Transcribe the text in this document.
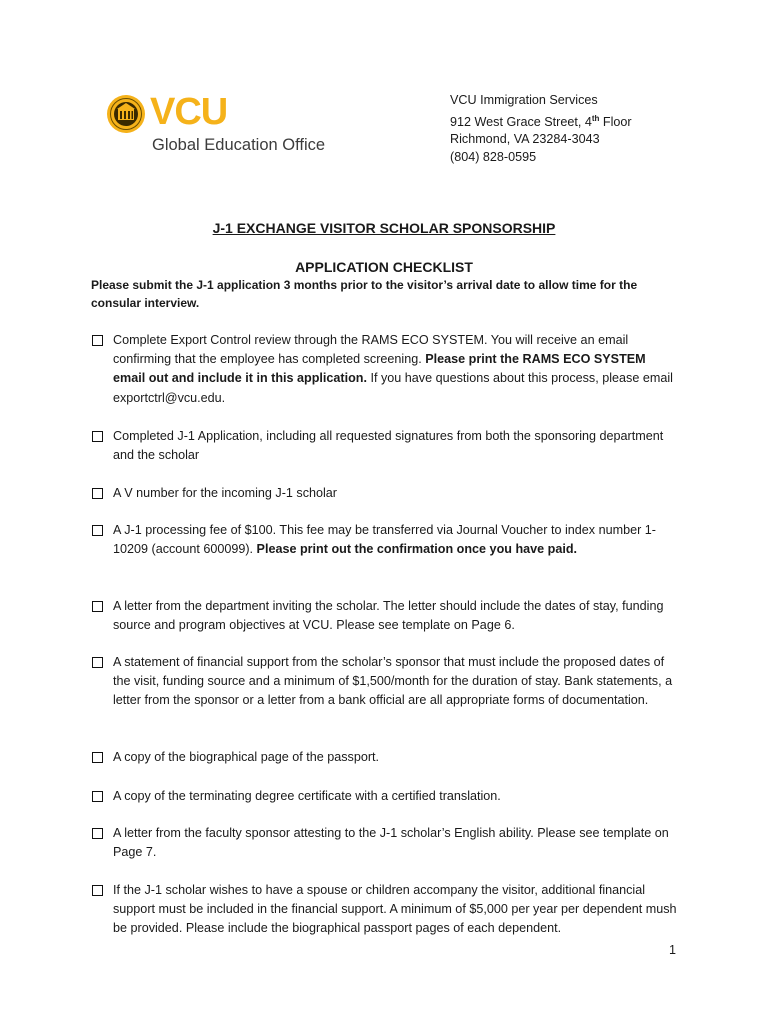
VCU
Global Education Office
VCU Immigration Services
912 West Grace Street, 4th Floor
Richmond, VA 23284-3043
(804) 828-0595
J-1 EXCHANGE VISITOR SCHOLAR SPONSORSHIP
APPLICATION CHECKLIST
Please submit the J-1 application 3 months prior to the visitor’s arrival date to allow time for the consular interview.
Complete Export Control review through the RAMS ECO SYSTEM. You will receive an email confirming that the employee has completed screening. Please print the RAMS ECO SYSTEM email out and include it in this application. If you have questions about this process, please email exportctrl@vcu.edu.
Completed J-1 Application, including all requested signatures from both the sponsoring department and the scholar
A V number for the incoming J-1 scholar
A J-1 processing fee of $100. This fee may be transferred via Journal Voucher to index number 1-10209 (account 600099). Please print out the confirmation once you have paid.
A letter from the department inviting the scholar. The letter should include the dates of stay, funding source and program objectives at VCU. Please see template on Page 6.
A statement of financial support from the scholar’s sponsor that must include the proposed dates of the visit, funding source and a minimum of $1,500/month for the duration of stay. Bank statements, a letter from the sponsor or a letter from a bank official are all appropriate forms of documentation.
A copy of the biographical page of the passport.
A copy of the terminating degree certificate with a certified translation.
A letter from the faculty sponsor attesting to the J-1 scholar’s English ability. Please see template on Page 7.
If the J-1 scholar wishes to have a spouse or children accompany the visitor, additional financial support must be included in the financial support. A minimum of $5,000 per year per dependent mush be provided. Please include the biographical passport pages of each dependent.
1
